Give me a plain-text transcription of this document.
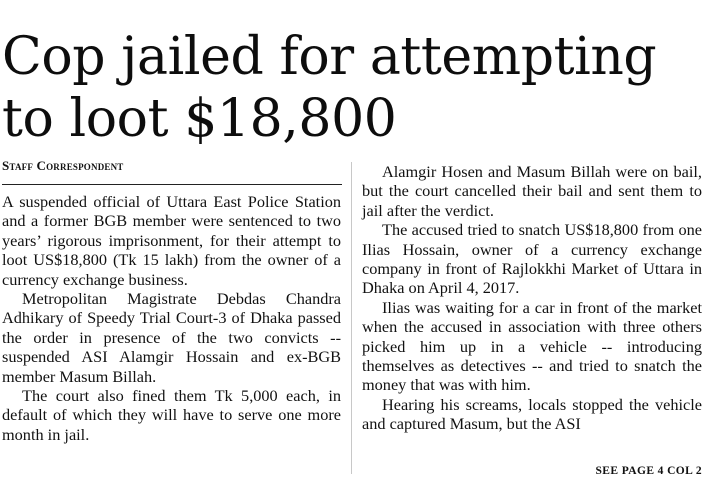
Cop jailed for attempting to loot $18,800
Staff Correspondent

A suspended official of Uttara East Police Station and a former BGB member were sentenced to two years’ rigorous imprisonment, for their attempt to loot US$18,800 (Tk 15 lakh) from the owner of a currency exchange business.

Metropolitan Magistrate Debdas Chandra Adhikary of Speedy Trial Court-3 of Dhaka passed the order in presence of the two convicts -- suspended ASI Alamgir Hossain and ex-BGB member Masum Billah.

The court also fined them Tk 5,000 each, in default of which they will have to serve one more month in jail.

Alamgir Hosen and Masum Billah were on bail, but the court cancelled their bail and sent them to jail after the verdict.

The accused tried to snatch US$18,800 from one Ilias Hossain, owner of a currency exchange company in front of Rajlokkhi Market of Uttara in Dhaka on April 4, 2017.

Ilias was waiting for a car in front of the market when the accused in association with three others picked him up in a vehicle -- introducing themselves as detectives -- and tried to snatch the money that was with him.

Hearing his screams, locals stopped the vehicle and captured Masum, but the ASI

SEE PAGE 4 COL 2
